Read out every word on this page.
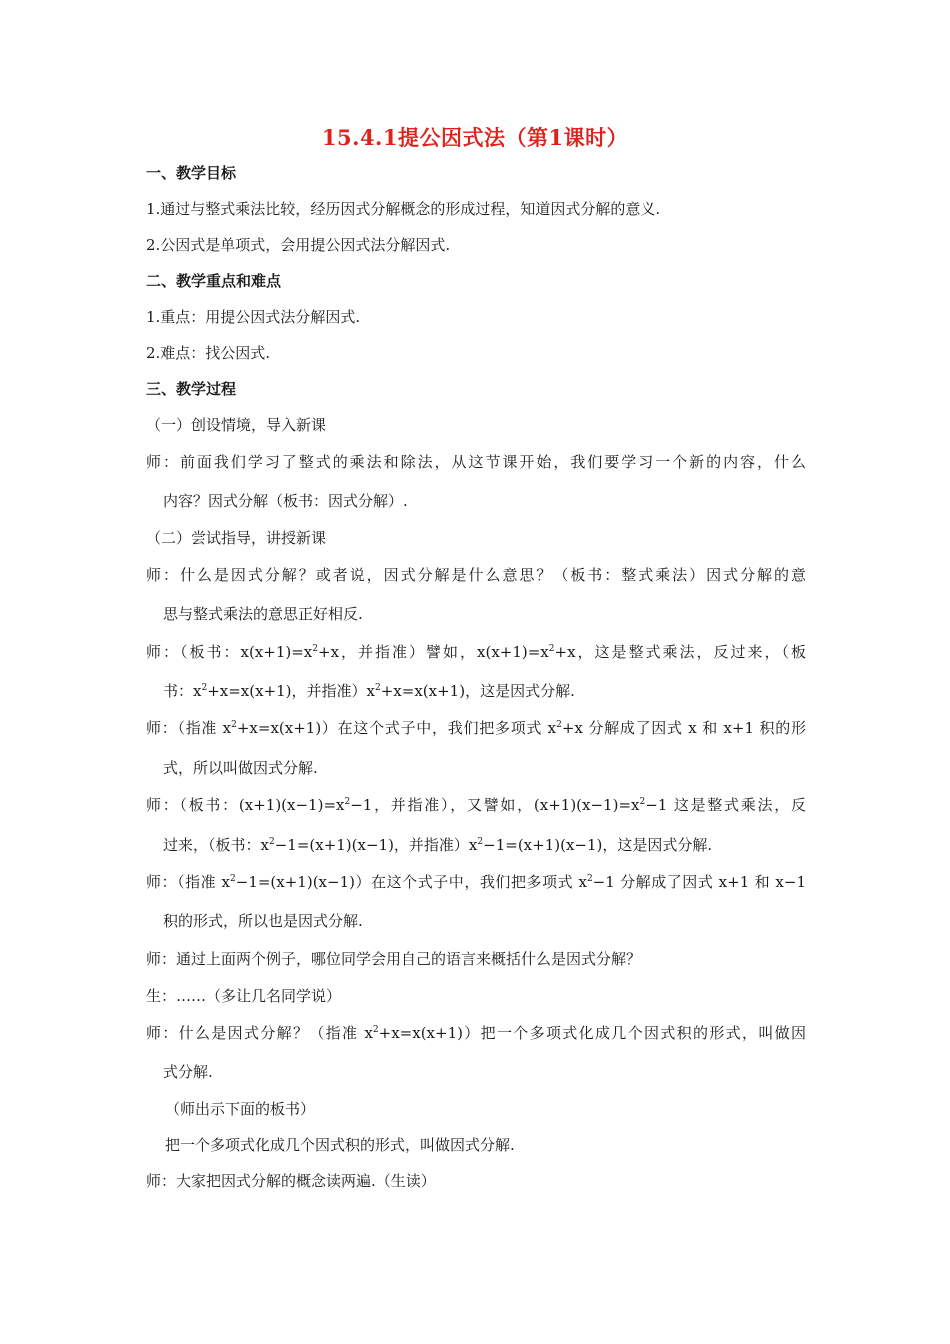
15.4.1提公因式法（第1课时）
一、教学目标
1.通过与整式乘法比较，经历因式分解概念的形成过程，知道因式分解的意义.
2.公因式是单项式，会用提公因式法分解因式.
二、教学重点和难点
1.重点：用提公因式法分解因式.
2.难点：找公因式.
三、教学过程
（一）创设情境，导入新课
师：前面我们学习了整式的乘法和除法，从这节课开始，我们要学习一个新的内容，什么
内容？因式分解（板书：因式分解）.
（二）尝试指导，讲授新课
师：什么是因式分解？或者说，因式分解是什么意思？（板书：整式乘法）因式分解的意
思与整式乘法的意思正好相反.
师：（板书：$x(x+1)=x^2+x$，并指准）譬如，$x(x+1)=x^2+x$，这是整式乘法，反过来，（板
书：$x^2+x=x(x+1)$，并指准）$x^2+x=x(x+1)$，这是因式分解.
师：（指准 $x^2+x=x(x+1)$）在这个式子中，我们把多项式 $x^2+x$ 分解成了因式 x 和 x+1 积的形
式，所以叫做因式分解.
师：（板书：$(x+1)(x-1)=x^2-1$，并指准），又譬如，$(x+1)(x-1)=x^2-1$ 这是整式乘法，反
过来，（板书：$x^2-1=(x+1)(x-1)$，并指准）$x^2-1=(x+1)(x-1)$，这是因式分解.
师：（指准 $x^2-1=(x+1)(x-1)$）在这个式子中，我们把多项式 $x^2-1$ 分解成了因式 x+1 和 x−1
积的形式，所以也是因式分解.
师：通过上面两个例子，哪位同学会用自己的语言来概括什么是因式分解？
生：……（多让几名同学说）
师：什么是因式分解？（指准 $x^2+x=x(x+1)$）把一个多项式化成几个因式积的形式，叫做因
式分解.
（师出示下面的板书）
把一个多项式化成几个因式积的形式，叫做因式分解.
师：大家把因式分解的概念读两遍.（生读）
